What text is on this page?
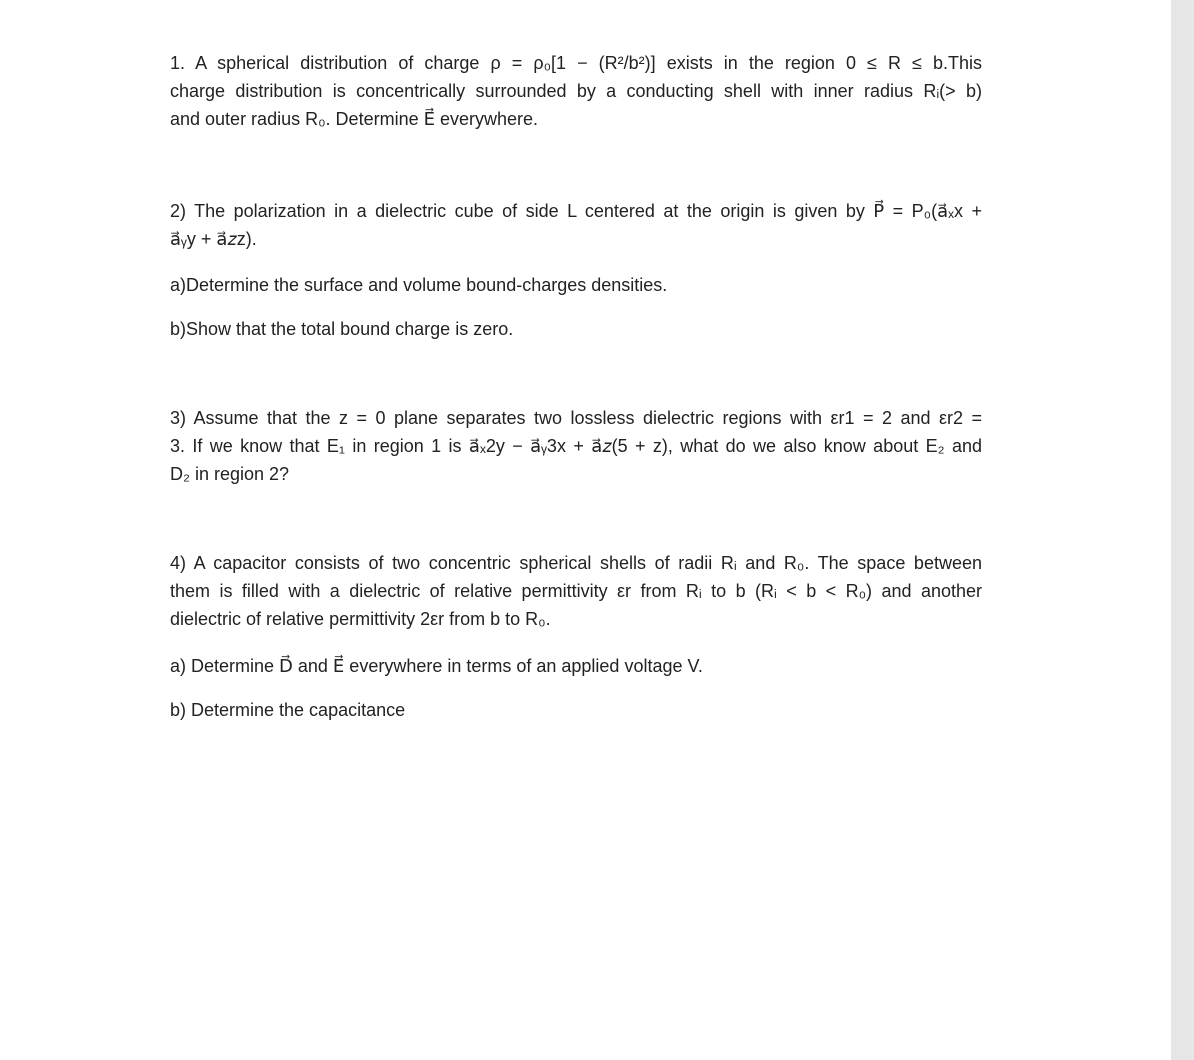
1. A spherical distribution of charge ρ = ρ₀[1 − (R²/b²)] exists in the region 0 ≤ R ≤ b.This
charge distribution is concentrically surrounded by a conducting shell with inner radius Rᵢ(> b)
and outer radius R₀. Determine E⃗ everywhere.

2) The polarization in a dielectric cube of side L centered at the origin is given by P⃗ = P₀(a⃗ₓx +
a⃗ᵧy + a⃗𝑧z).

a)Determine the surface and volume bound-charges densities.

b)Show that the total bound charge is zero.

3) Assume that the z = 0 plane separates two lossless dielectric regions with εr1 = 2 and εr2 =
3. If we know that E₁ in region 1 is a⃗ₓ2y − a⃗ᵧ3x + a⃗𝑧(5 + z), what do we also know about E₂ and
D₂ in region 2?

4) A capacitor consists of two concentric spherical shells of radii Rᵢ and R₀. The space between
them is filled with a dielectric of relative permittivity εr from Rᵢ to b (Rᵢ < b < R₀) and another
dielectric of relative permittivity 2εr from b to R₀.

a) Determine D⃗ and E⃗ everywhere in terms of an applied voltage V.

b) Determine the capacitance
